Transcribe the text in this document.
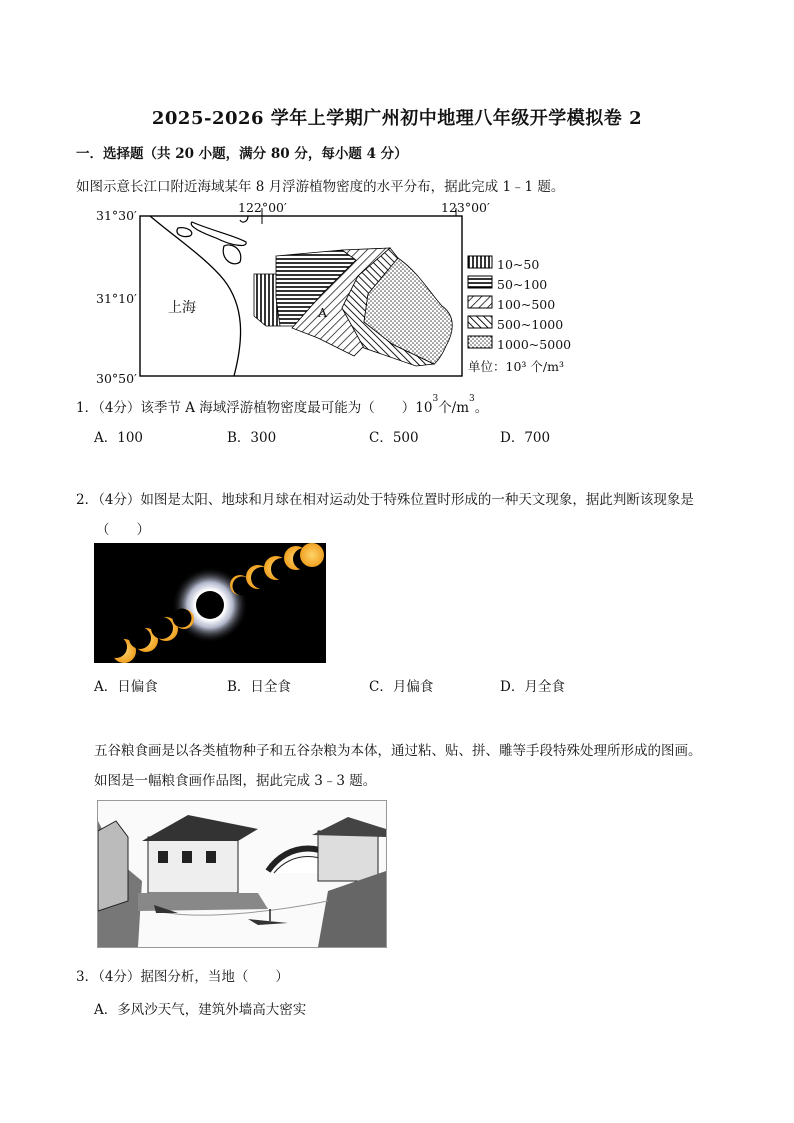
2025-2026 学年上学期广州初中地理八年级开学模拟卷 2
一．选择题（共 20 小题，满分 80 分，每小题 4 分）
如图示意长江口附近海域某年 8 月浮游植物密度的水平分布，据此完成 1﹣1 题。
31°30′
31°10′
30°50′
122°00′	123°00′
上海	A
10~50
50~100
100~500
500~1000
1000~5000
单位：10³ 个/m³
1．（4分）该季节 A 海域浮游植物密度最可能为（　　）$10^3$个$/m^3$。
A．100	B．300	C．500	D．700
2．（4分）如图是太阳、地球和月球在相对运动处于特殊位置时形成的一种天文现象，据此判断该现象是
（　　）
A．日偏食	B．日全食	C．月偏食	D．月全食
五谷粮食画是以各类植物种子和五谷杂粮为本体，通过粘、贴、拼、雕等手段特殊处理所形成的图画。
如图是一幅粮食画作品图，据此完成 3﹣3 题。
3．（4分）据图分析，当地（　　）
A．多风沙天气，建筑外墙高大密实
